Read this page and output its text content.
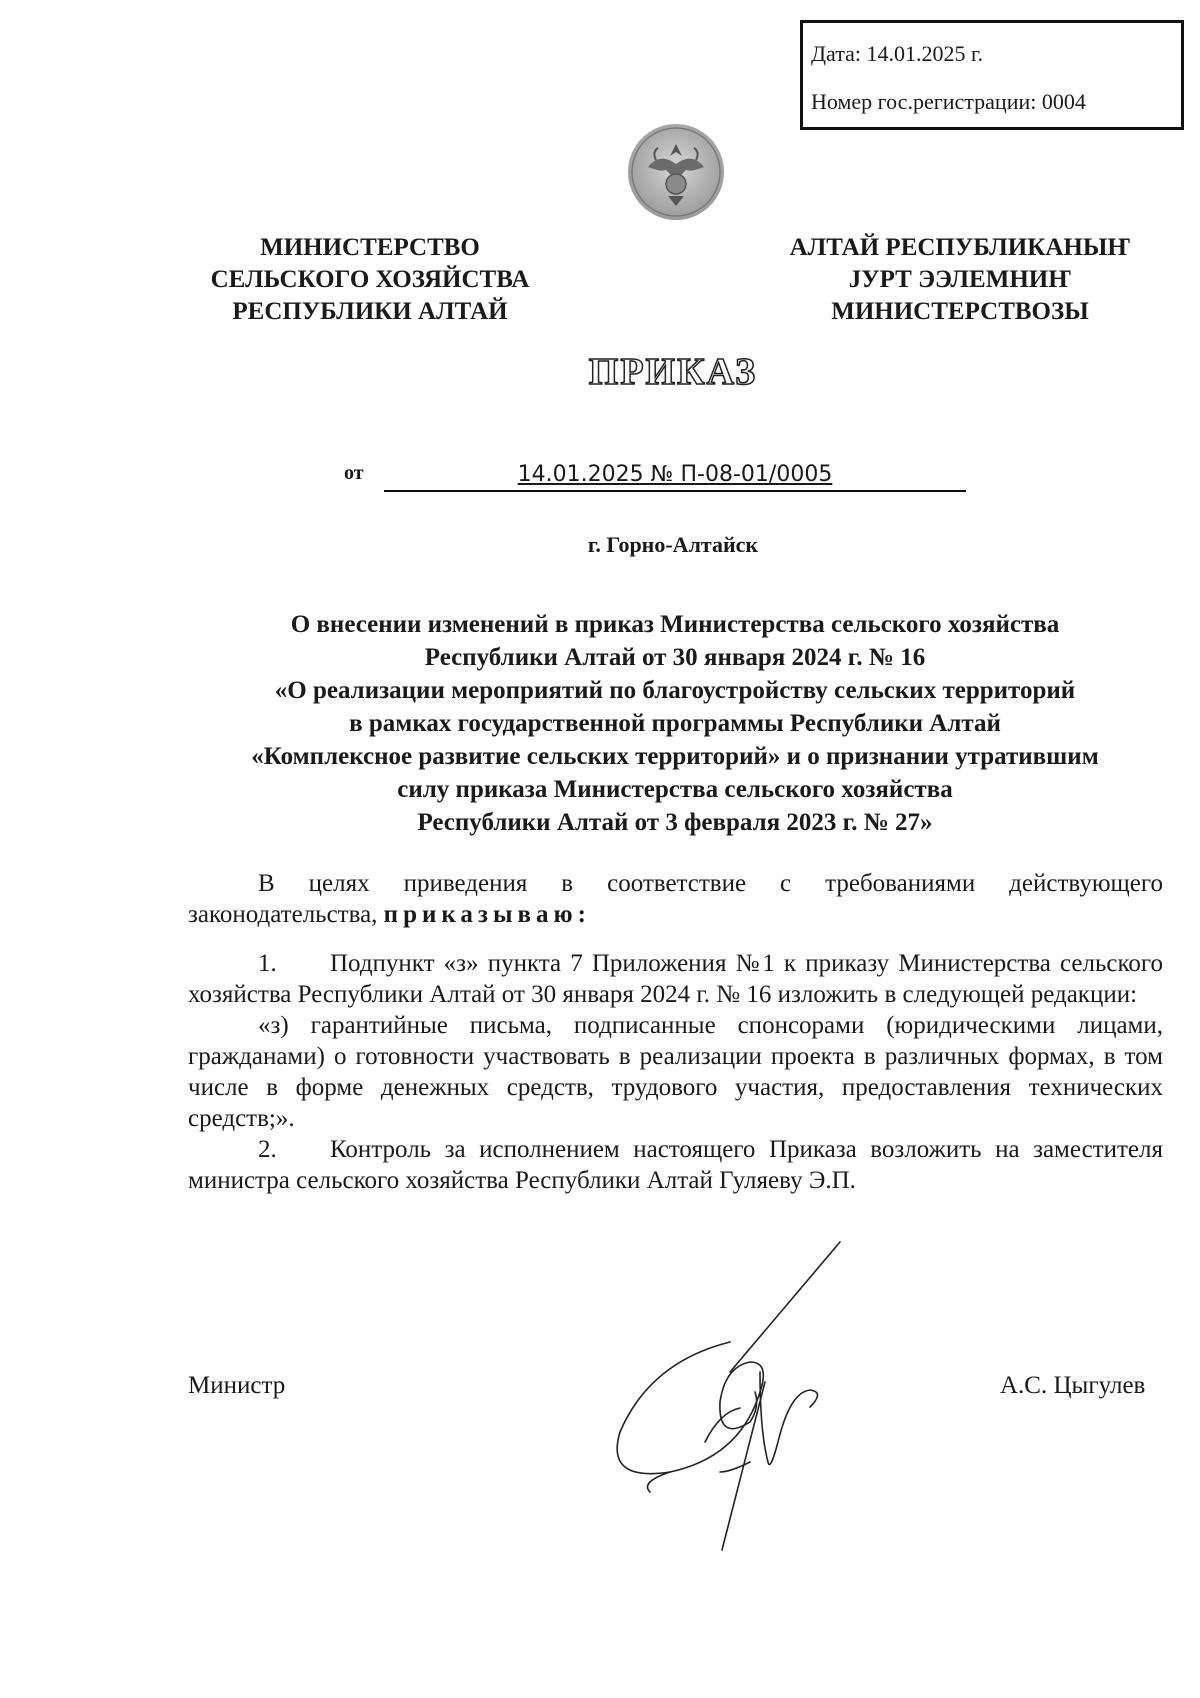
Дата: 14.01.2025 г.
Номер гос.регистрации: 0004
МИНИСТЕРСТВО
СЕЛЬСКОГО ХОЗЯЙСТВА
РЕСПУБЛИКИ АЛТАЙ
АЛТАЙ РЕСПУБЛИКАНЫҤ
ЈУРТ ЭЭЛЕМНИҤ
МИНИСТЕРСТВОЗЫ
ПРИКАЗ
от	14.01.2025 № П-08-01/0005
г. Горно-Алтайск
О внесении изменений в приказ Министерства сельского хозяйства
Республики Алтай от 30 января 2024 г. № 16
«О реализации мероприятий по благоустройству сельских территорий
в рамках государственной программы Республики Алтай
«Комплексное развитие сельских территорий» и о признании утратившим
силу приказа Министерства сельского хозяйства
Республики Алтай от 3 февраля 2023 г. № 27»
В целях приведения в соответствие с требованиями действующего законодательства, приказываю:
1. Подпункт «з» пункта 7 Приложения №1 к приказу Министерства сельского хозяйства Республики Алтай от 30 января 2024 г. № 16 изложить в следующей редакции:
«з) гарантийные письма, подписанные спонсорами (юридическими лицами, гражданами) о готовности участвовать в реализации проекта в различных формах, в том числе в форме денежных средств, трудового участия, предоставления технических средств;».
2. Контроль за исполнением настоящего Приказа возложить на заместителя министра сельского хозяйства Республики Алтай Гуляеву Э.П.
Министр	А.С. Цыгулев
